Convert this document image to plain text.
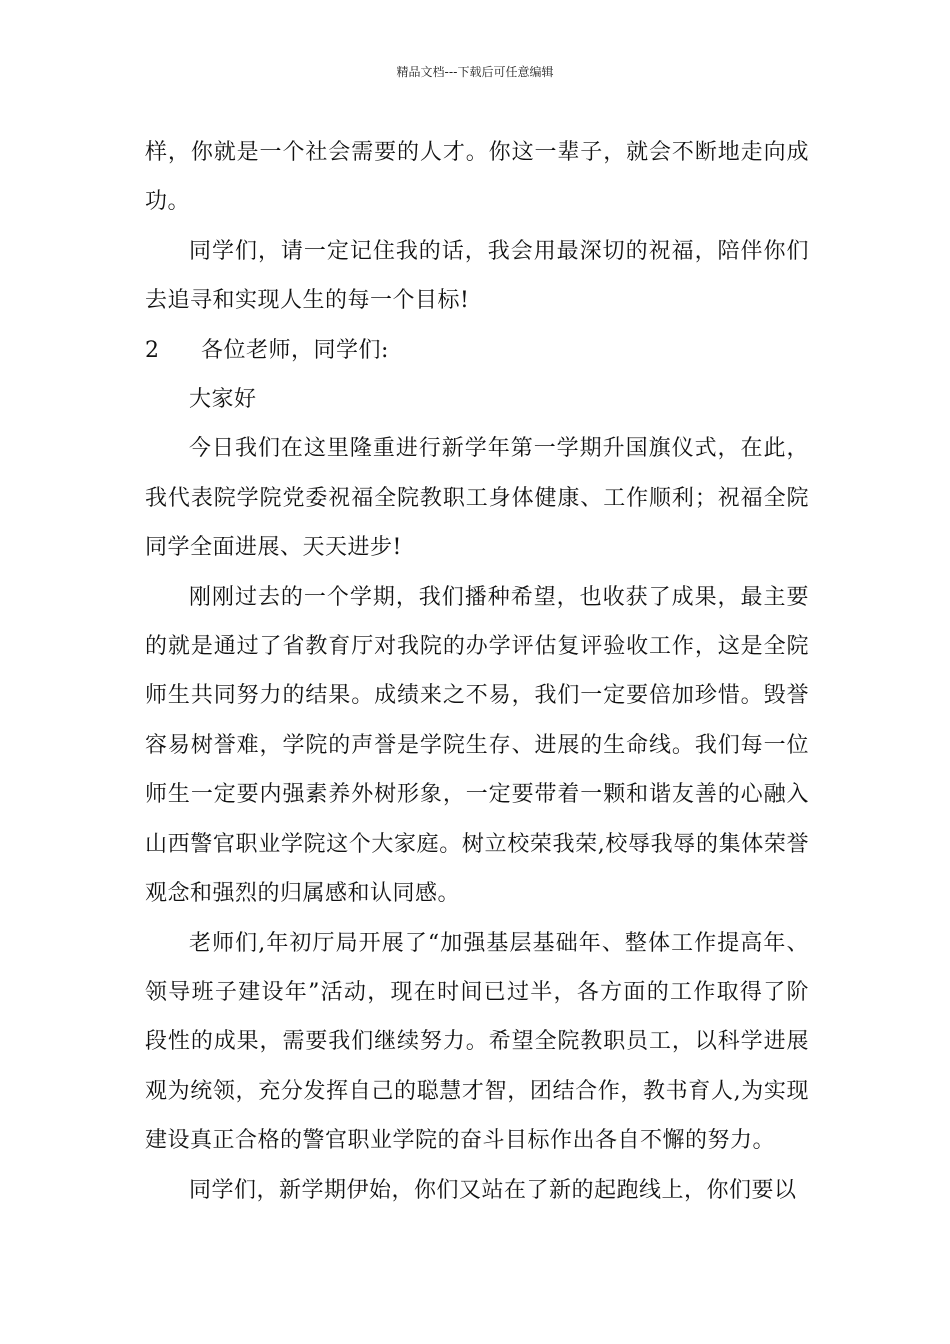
精品文档---下载后可任意编辑

样，你就是一个社会需要的人才。你这一辈子，就会不断地走向成功。

同学们，请一定记住我的话，我会用最深切的祝福，陪伴你们去追寻和实现人生的每一个目标!

2	各位老师，同学们:

大家好

今日我们在这里隆重进行新学年第一学期升国旗仪式，在此，我代表院学院党委祝福全院教职工身体健康、工作顺利；祝福全院同学全面进展、天天进步!

刚刚过去的一个学期，我们播种希望，也收获了成果，最主要的就是通过了省教育厅对我院的办学评估复评验收工作，这是全院师生共同努力的结果。成绩来之不易，我们一定要倍加珍惜。毁誉容易树誉难，学院的声誉是学院生存、进展的生命线。我们每一位师生一定要内强素养外树形象，一定要带着一颗和谐友善的心融入山西警官职业学院这个大家庭。树立校荣我荣,校辱我辱的集体荣誉观念和强烈的归属感和认同感。

老师们,年初厅局开展了“加强基层基础年、整体工作提高年、领导班子建设年”活动，现在时间已过半，各方面的工作取得了阶段性的成果，需要我们继续努力。希望全院教职员工，以科学进展观为统领，充分发挥自己的聪慧才智，团结合作，教书育人,为实现建设真正合格的警官职业学院的奋斗目标作出各自不懈的努力。

同学们，新学期伊始，你们又站在了新的起跑线上，你们要以
